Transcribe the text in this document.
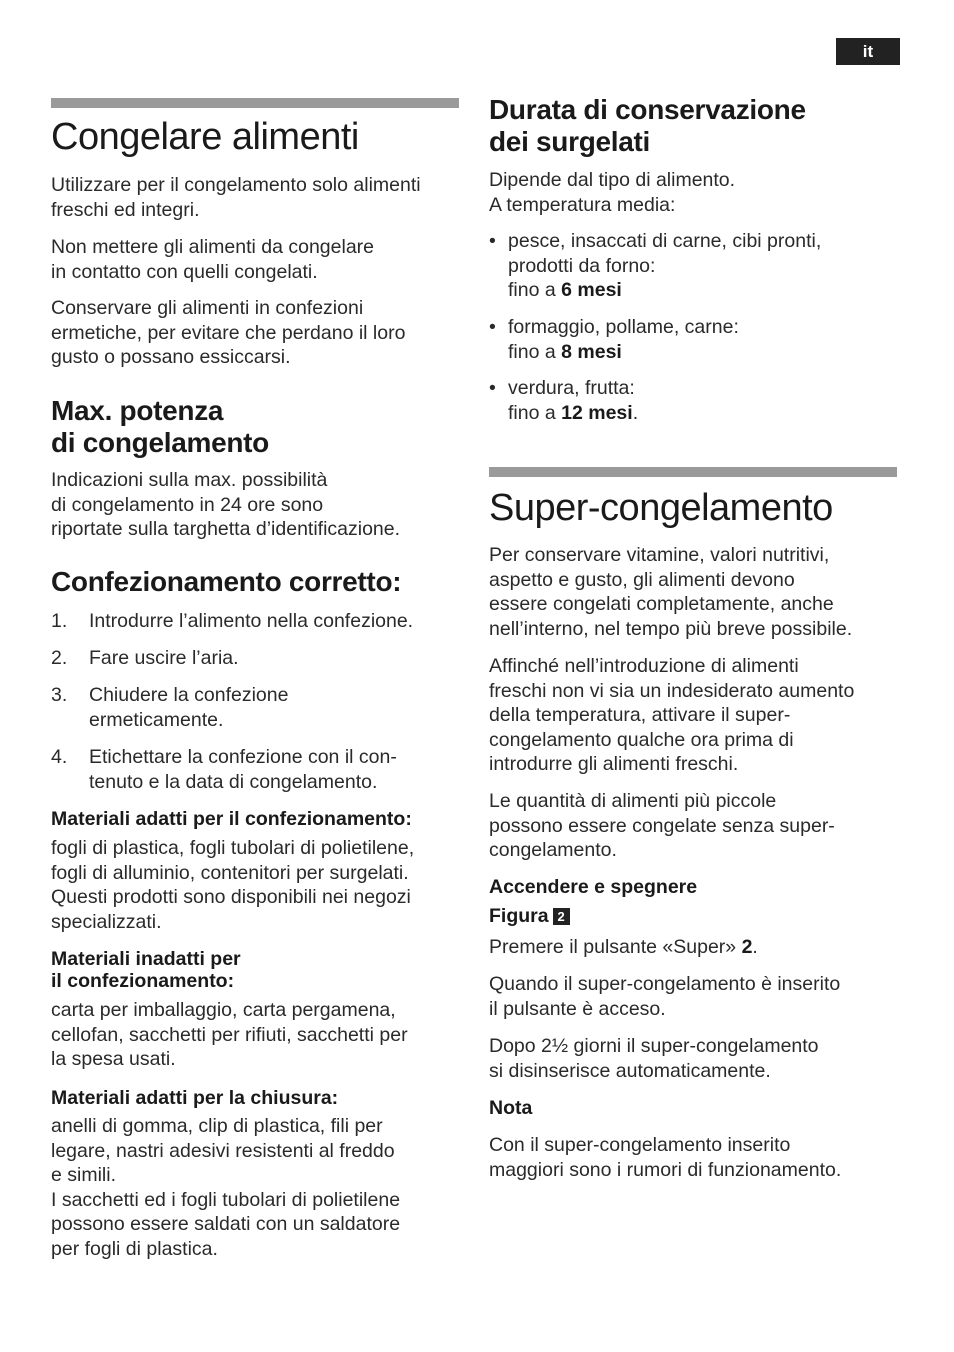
it
Congelare alimenti
Utilizzare per il congelamento solo alimenti
freschi ed integri.
Non mettere gli alimenti da congelare
in contatto con quelli congelati.
Conservare gli alimenti in confezioni
ermetiche, per evitare che perdano il loro
gusto o possano essiccarsi.
Max. potenza
di congelamento
Indicazioni sulla max. possibilità
di congelamento in 24 ore sono
riportate sulla targhetta d’identificazione.
Confezionamento corretto:
1. Introdurre l’alimento nella confezione.
2. Fare uscire l’aria.
3. Chiudere la confezione
ermeticamente.
4. Etichettare la confezione con il con-
tenuto e la data di congelamento.
Materiali adatti per il confezionamento:
fogli di plastica, fogli tubolari di polietilene,
fogli di alluminio, contenitori per surgelati.
Questi prodotti sono disponibili nei negozi
specializzati.
Materiali inadatti per
il confezionamento:
carta per imballaggio, carta pergamena,
cellofan, sacchetti per rifiuti, sacchetti per
la spesa usati.
Materiali adatti per la chiusura:
anelli di gomma, clip di plastica, fili per
legare, nastri adesivi resistenti al freddo
e simili.
I sacchetti ed i fogli tubolari di polietilene
possono essere saldati con un saldatore
per fogli di plastica.
Durata di conservazione
dei surgelati
Dipende dal tipo di alimento.
A temperatura media:
• pesce, insaccati di carne, cibi pronti,
prodotti da forno:
fino a 6 mesi
• formaggio, pollame, carne:
fino a 8 mesi
• verdura, frutta:
fino a 12 mesi.
Super-congelamento
Per conservare vitamine, valori nutritivi,
aspetto e gusto, gli alimenti devono
essere congelati completamente, anche
nell’interno, nel tempo più breve possibile.
Affinché nell’introduzione di alimenti
freschi non vi sia un indesiderato aumento
della temperatura, attivare il super-
congelamento qualche ora prima di
introdurre gli alimenti freschi.
Le quantità di alimenti più piccole
possono essere congelate senza super-
congelamento.
Accendere e spegnere
Figura 2
Premere il pulsante «Super» 2.
Quando il super-congelamento è inserito
il pulsante è acceso.
Dopo 2½ giorni il super-congelamento
si disinserisce automaticamente.
Nota
Con il super-congelamento inserito
maggiori sono i rumori di funzionamento.
